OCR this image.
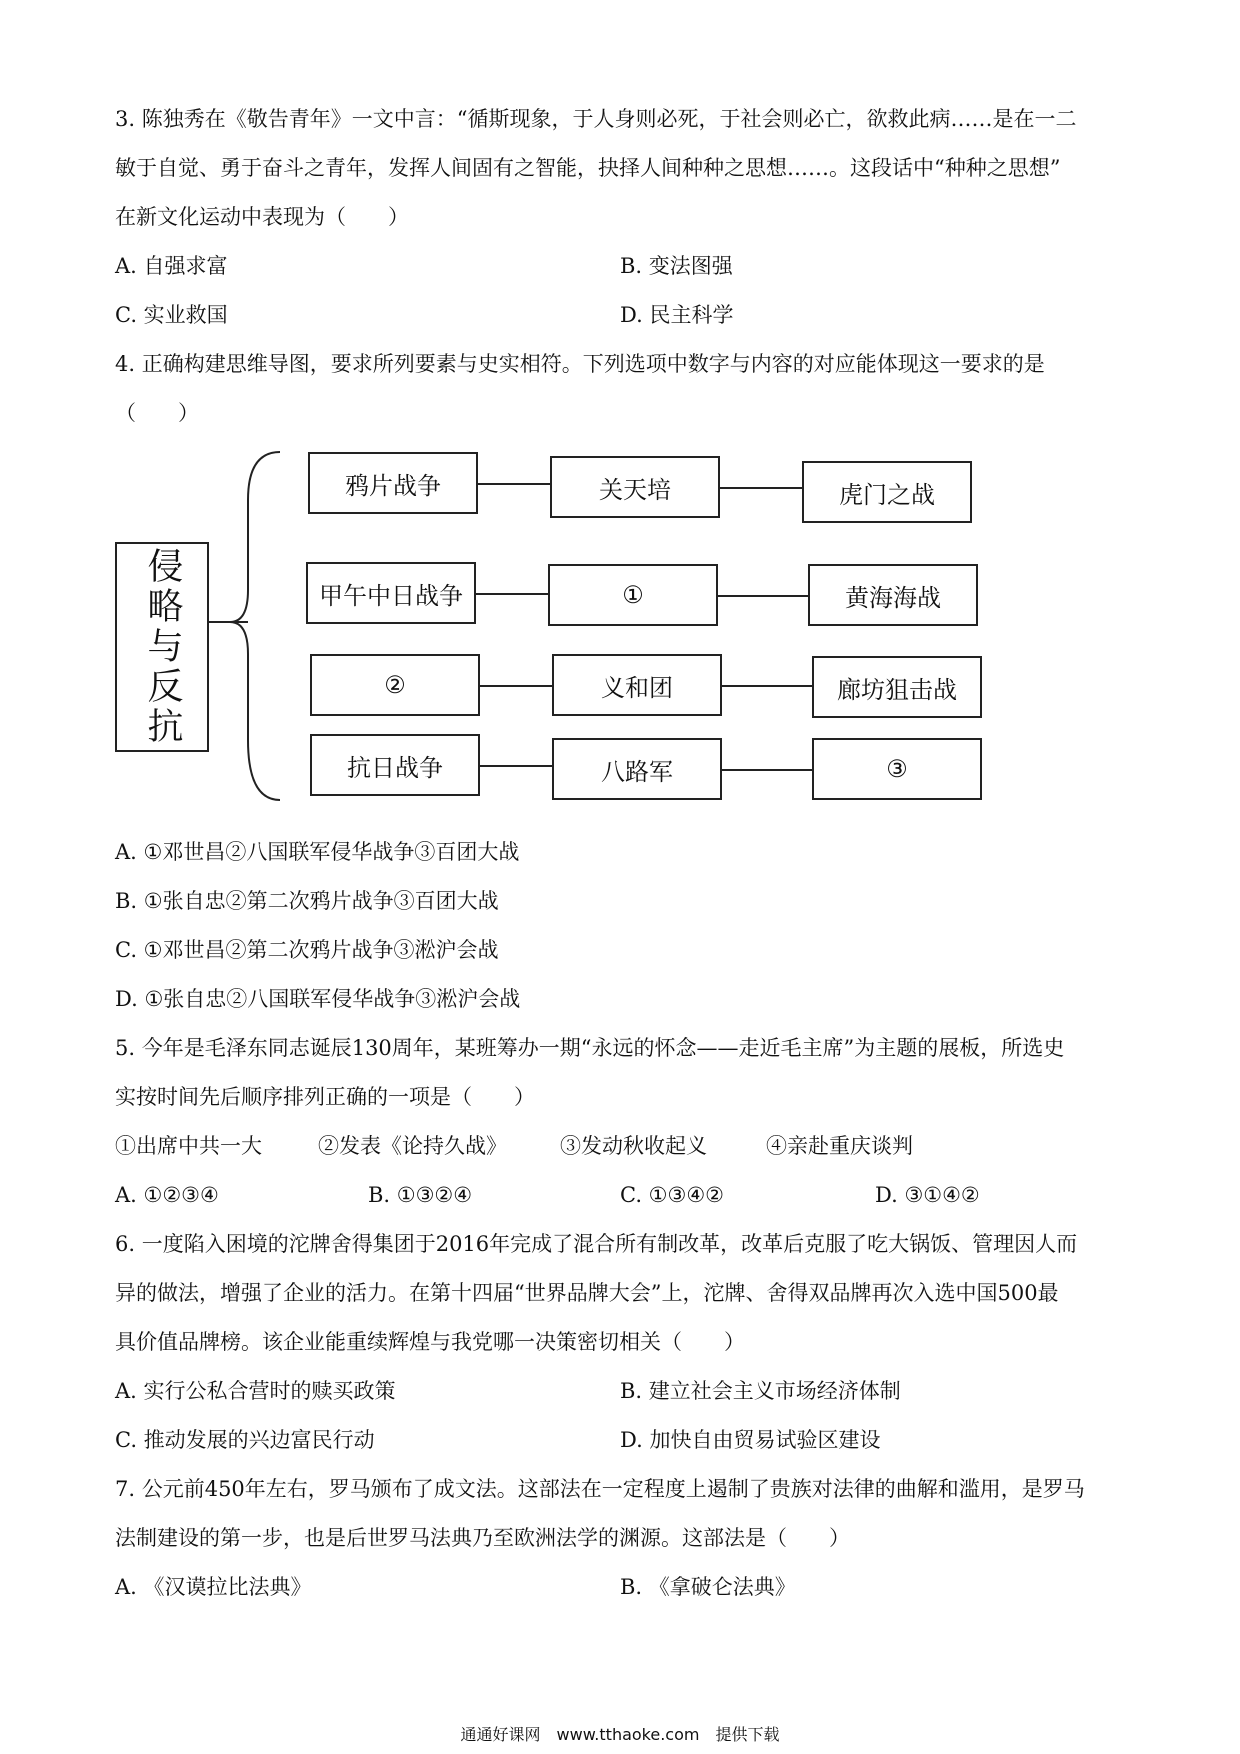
3. 陈独秀在《敬告青年》一文中言：“循斯现象，于人身则必死，于社会则必亡，欲救此病……是在一二
敏于自觉、勇于奋斗之青年，发挥人间固有之智能，抉择人间种种之思想……。这段话中“种种之思想”
在新文化运动中表现为（　　）
A. 自强求富	B. 变法图强
C. 实业救国	D. 民主科学
4. 正确构建思维导图，要求所列要素与史实相符。下列选项中数字与内容的对应能体现这一要求的是
（　　）
侵略与反抗
鸦片战争	关天培	虎门之战
甲午中日战争	①	黄海海战
②	义和团	廊坊狙击战
抗日战争	八路军	③
A. ①邓世昌②八国联军侵华战争③百团大战
B. ①张自忠②第二次鸦片战争③百团大战
C. ①邓世昌②第二次鸦片战争③淞沪会战
D. ①张自忠②八国联军侵华战争③淞沪会战
5. 今年是毛泽东同志诞辰130周年，某班筹办一期“永远的怀念——走近毛主席”为主题的展板，所选史
实按时间先后顺序排列正确的一项是（　　）
①出席中共一大	②发表《论持久战》	③发动秋收起义	④亲赴重庆谈判
A. ①②③④	B. ①③②④	C. ①③④②	D. ③①④②
6. 一度陷入困境的沱牌舍得集团于2016年完成了混合所有制改革，改革后克服了吃大锅饭、管理因人而
异的做法，增强了企业的活力。在第十四届“世界品牌大会”上，沱牌、舍得双品牌再次入选中国500最
具价值品牌榜。该企业能重续辉煌与我党哪一决策密切相关（　　）
A. 实行公私合营时的赎买政策	B. 建立社会主义市场经济体制
C. 推动发展的兴边富民行动	D. 加快自由贸易试验区建设
7. 公元前450年左右，罗马颁布了成文法。这部法在一定程度上遏制了贵族对法律的曲解和滥用，是罗马
法制建设的第一步，也是后世罗马法典乃至欧洲法学的渊源。这部法是（　　）
A. 《汉谟拉比法典》	B. 《拿破仑法典》
通通好课网　www.tthaoke.com　提供下载
